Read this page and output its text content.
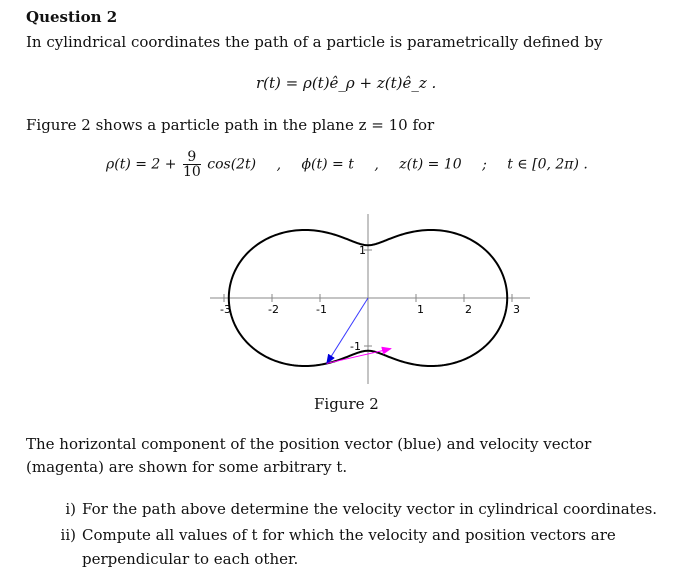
Question 2
In cylindrical coordinates the path of a particle is parametrically defined by
r(t) = ρ(t)ê_ρ + z(t)ê_z .
Figure 2 shows a particle path in the plane z = 10 for
$\rho(t) = 2 + \frac{9}{10} \cos(2t)$ , ϕ(t) = t , z(t) = 10 ; t ∈ [0, 2π) .
-3	-2	-1	1	2	3
1
-1
Figure 2
The horizontal component of the position vector (blue) and velocity vector (magenta) are shown for some arbitrary t.
i) For the path above determine the velocity vector in cylindrical coordinates.
ii) Compute all values of t for which the velocity and position vectors are perpendicular to each other.
